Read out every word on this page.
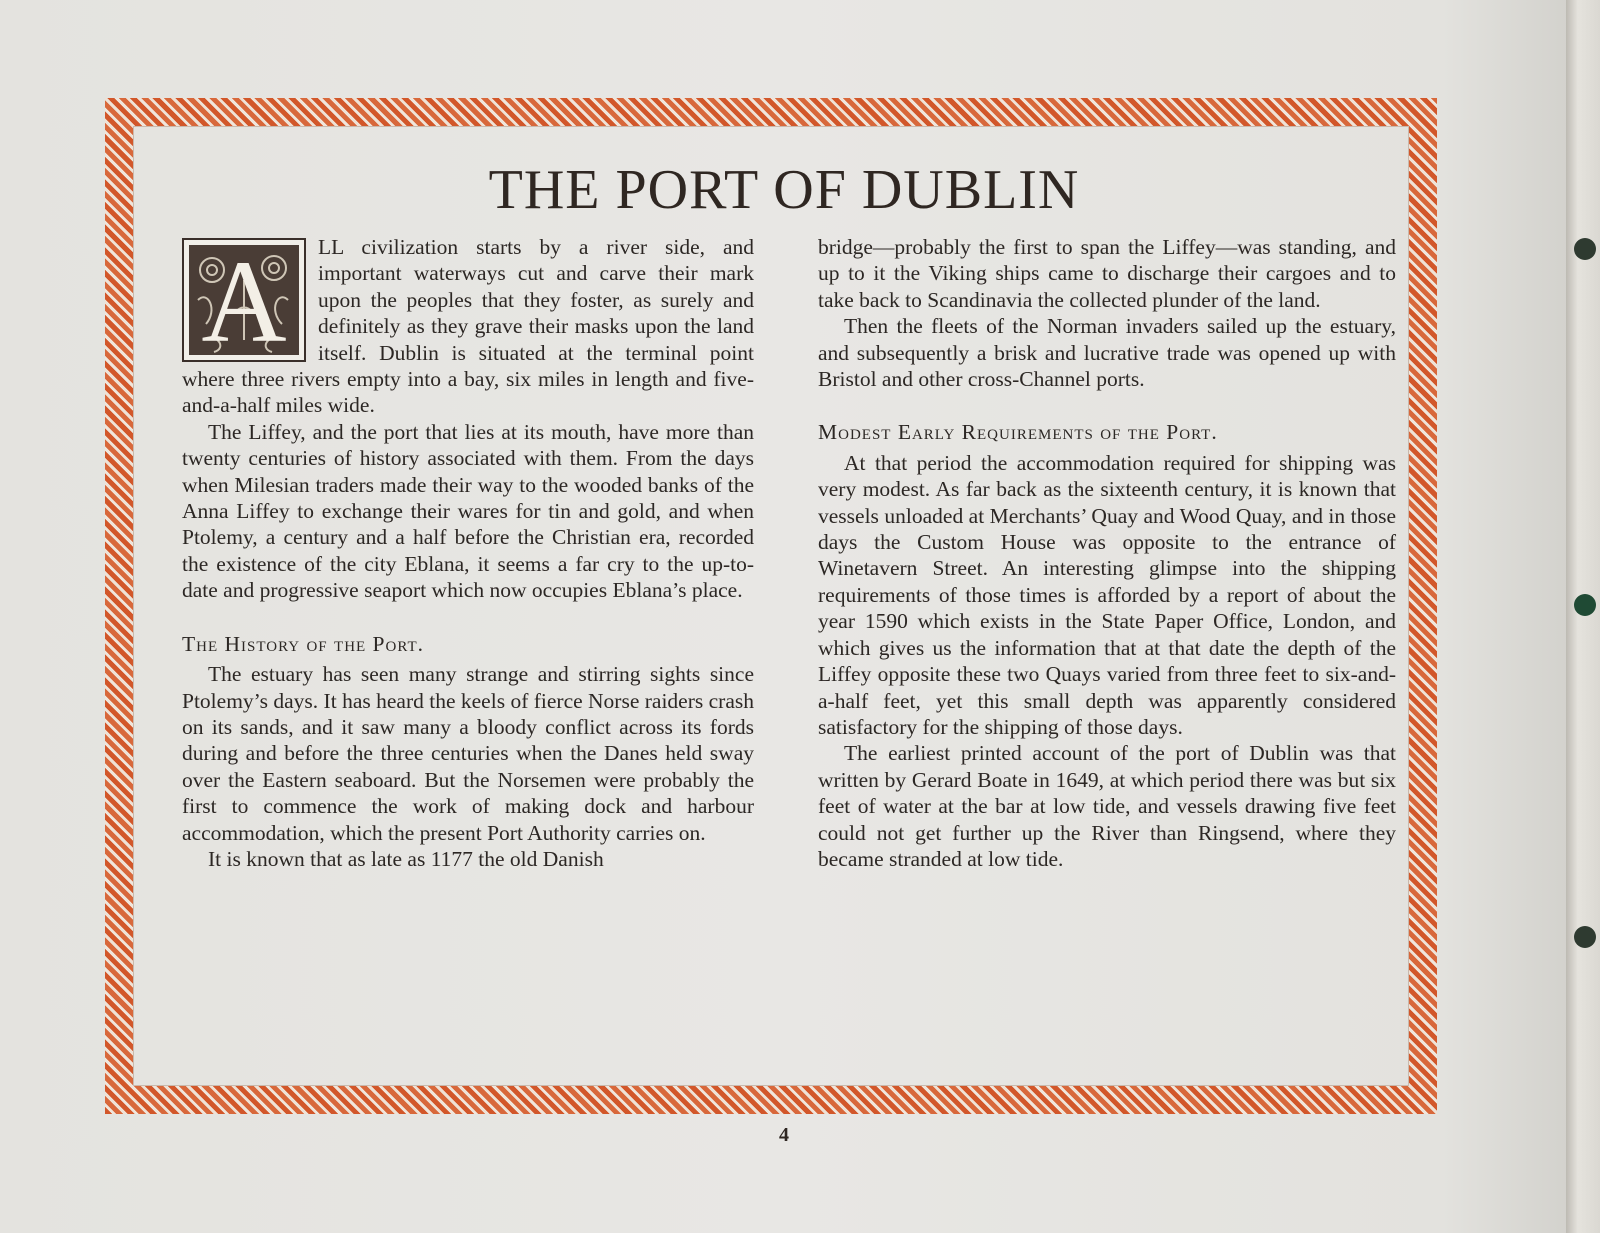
THE PORT OF DUBLIN
A	LL civilization starts by a river side, and important waterways cut and carve their mark upon the peoples that they foster, as surely and definitely as they grave their masks upon the land itself. Dublin is situated at the terminal point where three rivers empty into a bay, six miles in length and five-and-a-half miles wide.

The Liffey, and the port that lies at its mouth, have more than twenty centuries of history associated with them. From the days when Milesian traders made their way to the wooded banks of the Anna Liffey to exchange their wares for tin and gold, and when Ptolemy, a century and a half before the Christian era, recorded the existence of the city Eblana, it seems a far cry to the up-to-date and progressive seaport which now occupies Eblana’s place.

The History of the Port.

The estuary has seen many strange and stirring sights since Ptolemy’s days. It has heard the keels of fierce Norse raiders crash on its sands, and it saw many a bloody conflict across its fords during and before the three centuries when the Danes held sway over the Eastern seaboard. But the Norsemen were probably the first to commence the work of making dock and harbour accommodation, which the present Port Authority carries on.

It is known that as late as 1177 the old Danish

bridge—probably the first to span the Liffey—was standing, and up to it the Viking ships came to discharge their cargoes and to take back to Scandinavia the collected plunder of the land.

Then the fleets of the Norman invaders sailed up the estuary, and subsequently a brisk and lucrative trade was opened up with Bristol and other cross-Channel ports.

Modest Early Requirements of the Port.

At that period the accommodation required for shipping was very modest. As far back as the sixteenth century, it is known that vessels unloaded at Merchants’ Quay and Wood Quay, and in those days the Custom House was opposite to the entrance of Winetavern Street. An interesting glimpse into the shipping requirements of those times is afforded by a report of about the year 1590 which exists in the State Paper Office, London, and which gives us the information that at that date the depth of the Liffey opposite these two Quays varied from three feet to six-and-a-half feet, yet this small depth was apparently considered satisfactory for the shipping of those days.

The earliest printed account of the port of Dublin was that written by Gerard Boate in 1649, at which period there was but six feet of water at the bar at low tide, and vessels drawing five feet could not get further up the River than Ringsend, where they became stranded at low tide.

4
